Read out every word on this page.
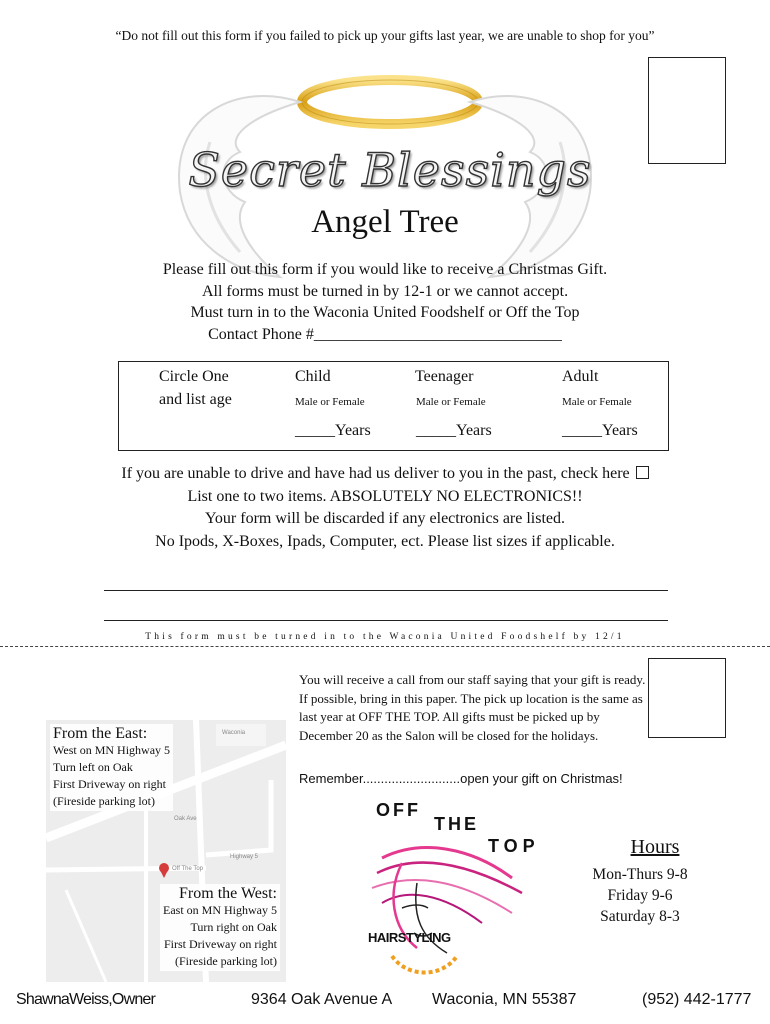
“Do not fill out this form if you failed to pick up your gifts last year, we are unable to shop for you”
Secret Blessings
Angel Tree

Please fill out this form if you would like to receive a Christmas Gift.

All forms must be turned in by 12-1 or we cannot accept.

Must turn in to the Waconia United Foodshelf or Off the Top

Contact Phone #_______________________________

Circle One
and list age
Child
Male or Female
_____Years
Teenager
Male or Female
_____Years
Adult
Male or Female
_____Years

If you are unable to drive and have had us deliver to you in the past, check here

List one to two items. ABSOLUTELY NO ELECTRONICS!!

Your form will be discarded if any electronics are listed.

No Ipods, X-Boxes, Ipads, Computer, ect. Please list sizes if applicable.

This form must be turned in to the Waconia United Foodshelf by 12/1
Waconia
Oak Ave
Highway 5
Off The Top
From the East:
West on MN Highway 5
Turn left on Oak
First Driveway on right
(Fireside parking lot)
From the West:
East on MN Highway 5
Turn right on Oak
First Driveway on right
(Fireside parking lot)
You will receive a call from our staff saying that your gift is ready. If possible, bring in this paper. The pick up location is the same as last year at OFF THE TOP. All gifts must be picked up by December 20 as the Salon will be closed for the holidays.
Remember...........................open your gift on Christmas!
OFF
THE
TOP
HAIRSTYLING
Hours
Mon-Thurs 9-8
Friday 9-6
Saturday 8-3
ShawnaWeiss,Owner	9364 Oak Avenue A Waconia, MN 55387	(952) 442-1777
